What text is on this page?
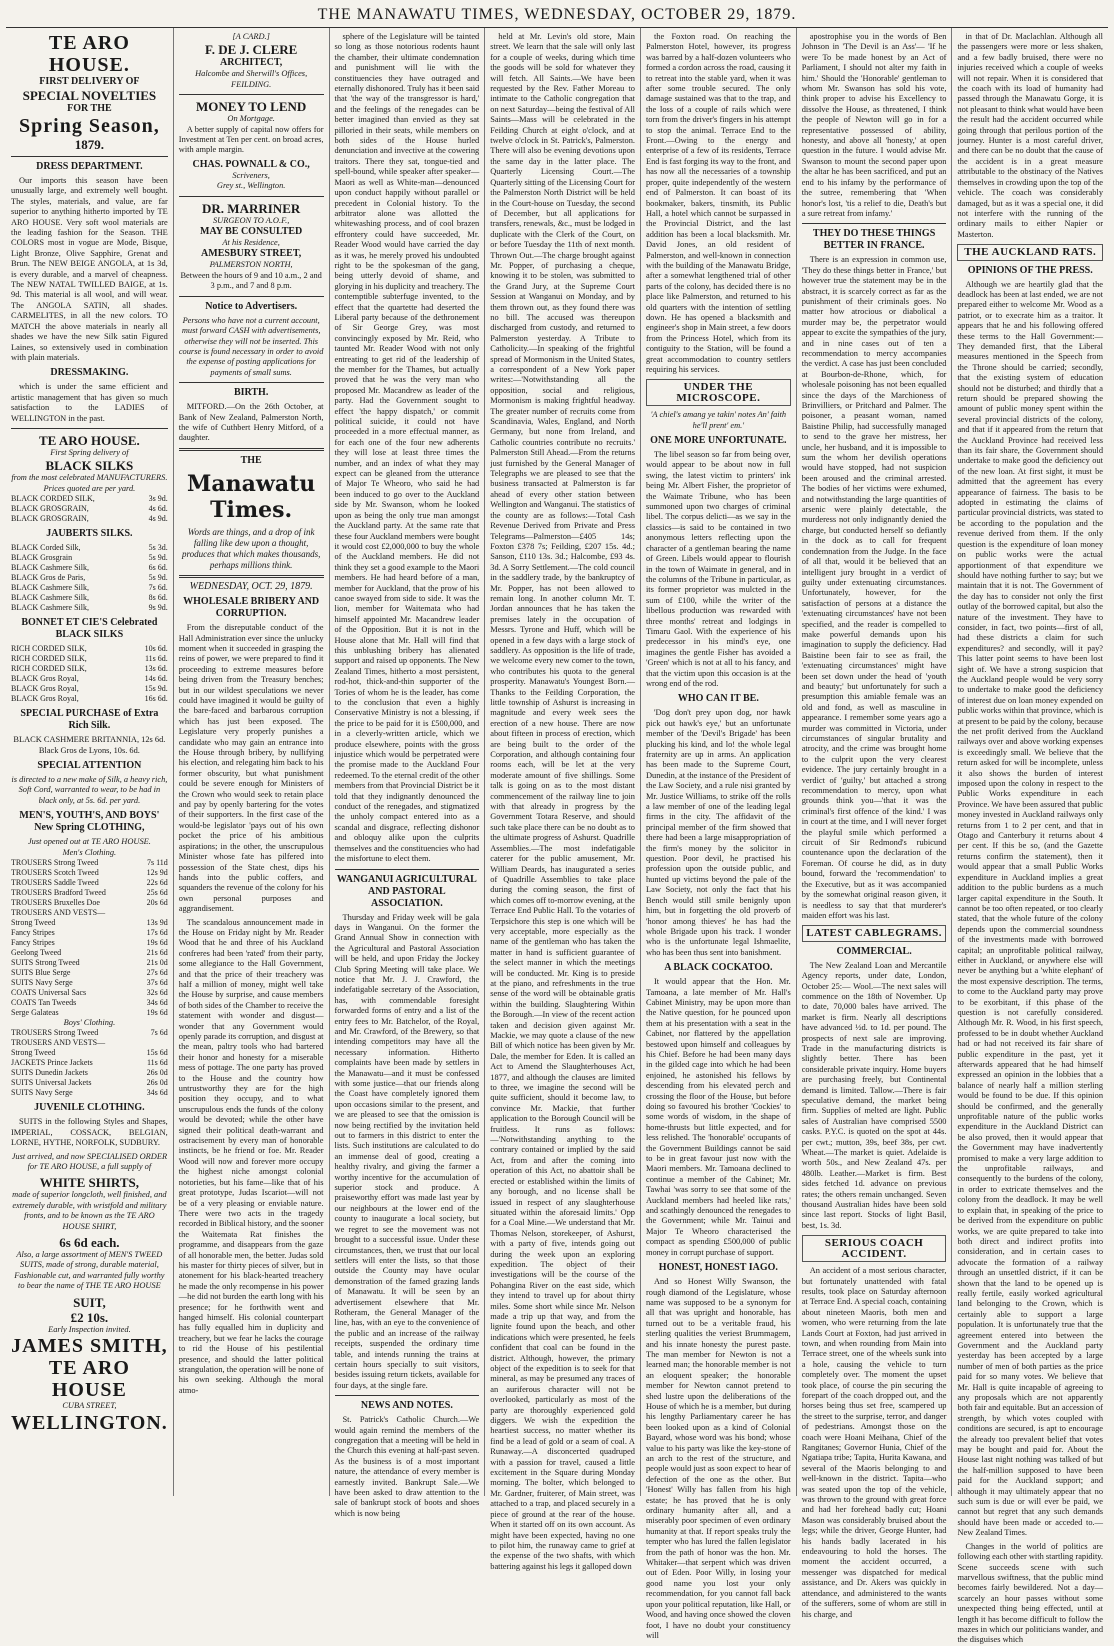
THE MANAWATU TIMES, WEDNESDAY, OCTOBER 29, 1879.
TE ARO HOUSE.
FIRST DELIVERY OF
SPECIAL NOVELTIES
FOR THE
Spring Season,
1879.
DRESS DEPARTMENT.

Our imports this season have been unusually large, and extremely well bought. The styles, materials, and value, are far superior to anything hitherto imported by TE ARO HOUSE. Very soft wool materials are the leading fashion for the Season. THE COLORS most in vogue are Mode, Bisque, Light Bronze, Olive Sapphire, Grenat and Brun. The NEW BEIGE ANGOLA, at 1s 3d, is every durable, and a marvel of cheapness. The NEW NATAL TWILLED BAIGE, at 1s. 9d. This material is all wool, and will wear. The ANGOLA SATIN, all shades. CARMELITES, in all the new colors. TO MATCH the above materials in nearly all shades we have the new Silk satin Figured Laines, so extensively used in combination with plain materials.

DRESSMAKING.

which is under the same efficient and artistic management that has given so much satisfaction to the LADIES of WELLINGTON in the past.

TE ARO HOUSE.
First Spring delivery of
BLACK SILKS
from the most celebrated MANUFACTURERS. Prices quoted are per yard.
BLACK CORDED SILK,	3s 9d.
BLACK GROSGRAIN,	4s 6d.
BLACK GROSGRAIN,	4s 9d.
JAUBERTS SILKS.
BLACK Corded Silk,	5s 3d.
BLACK Grosgrain	5s 9d.
BLACK Cashmere Silk,	6s 6d.
BLACK Gros de Paris,	5s 9d.
BLACK Cashmere Silk,	7s 6d.
BLACK Cashmere Silk,	8s 6d.
BLACK Cashmere Silk,	9s 9d.
BONNET ET CIE'S Celebrated BLACK SILKS
RICH CORDED SILK,	10s 6d.
RICH CORDED SILK,	11s 6d.
RICH CORDED SILK,	13s 6d.
BLACK Gros Royal,	14s 6d.
BLACK Gros Royal,	15s 9d.
BLACK Gros Royal,	16s 6d.
SPECIAL PURCHASE of Extra Rich Silk.

BLACK CASHMERE BRITANNIA, 12s 6d. Black Gros de Lyons, 10s. 6d.

SPECIAL ATTENTION

is directed to a new make of Silk, a heavy rich, Soft Cord, warranted to wear, to be had in black only, at 5s. 6d. per yard.

MEN'S, YOUTH'S, AND BOYS' New Spring CLOTHING,
Just opened out at TE ARO HOUSE.
Men's Clothing.
TROUSERS Strong Tweed	7s 11d
TROUSERS Scotch Tweed	12s 9d
TROUSERS Saddle Tweed	22s 6d
TROUSERS Bradford Tweed	25s 6d
TROUSERS Bruxelles Doe	20s 6d
TROUSERS AND VESTS—
Strong Tweed	13s 9d
Fancy Stripes	17s 6d
Fancy Stripes	19s 6d
Geelong Tweed	21s 6d
SUITS Strong Tweed	21s 0d
SUITS Blue Serge	27s 6d
SUITS Navy Serge	37s 6d
COATS Universal Sacs	32s 6d
COATS Tan Tweeds	34s 6d
Serge Galateas	19s 6d
Boys' Clothing.
TROUSERS Strong Tweed	7s 6d
TROUSERS AND VESTS—
Strong Tweed	15s 6d
JACKETS Prince Jackets	11s 6d
SUITS Dunedin Jackets	26s 0d
SUITS Universal Jackets	26s 0d
SUITS Navy Serge	34s 6d
JUVENILE CLOTHING.

SUITS in the following Styles and Shapes, IMPERIAL, COSSACK, BELGIAN, LORNE, HYTHE, NORFOLK, SUDBURY.

Just arrived, and now SPECIALISED ORDER for TE ARO HOUSE, a full supply of

WHITE SHIRTS,

made of superior longcloth, well finished, and extremely durable, with wristfold and military fronts, and to be known as the TE ARO HOUSE SHIRT,

6s 6d each.

Also, a large assortment of MEN'S TWEED SUITS, made of strong, durable material, Fashionable cut, and warranted fully worthy to bear the name of THE TE ARO HOUSE

SUIT,
£2 10s.
Early Inspection invited.
JAMES SMITH,
TE ARO HOUSE
CUBA STREET,
WELLINGTON.
[A CARD.]
F. DE J. CLERE
ARCHITECT,
Halcombe and Sherwill's Offices, FEILDING.
MONEY TO LEND
On Mortgage.

A better supply of capital now offers for Investment at Ten per cent. on broad acres, with ample margin.

CHAS. POWNALL & CO.,
Scriveners,
Grey st., Wellington.
DR. MARRINER
SURGEON TO A.O.F.,
MAY BE CONSULTED
At his Residence,
AMESBURY STREET,
PALMERSTON NORTH,

Between the hours of 9 and 10 a.m., 2 and 3 p.m., and 7 and 8 p.m.

Notice to Advertisers.

Persons who have not a current account, must forward CASH with advertisements, otherwise they will not be inserted. This course is found necessary in order to avoid the expense of posting applications for payments of small sums.

BIRTH.

MITFORD.—On the 26th October, at Bank of New Zealand, Palmerston North, the wife of Cuthbert Henry Mitford, of a daughter.

THE
Manawatu Times.
Words are things, and a drop of ink falling like dew upon a thought, produces that which makes thousands, perhaps millions think.
WEDNESDAY, OCT. 29, 1879.
WHOLESALE BRIBERY AND CORRUPTION.

From the disreputable conduct of the Hall Administration ever since the unlucky moment when it succeeded in grasping the reins of power, we were prepared to find it proceeding to extreme measures before being driven from the Treasury benches; but in our wildest speculations we never could have imagined it would be guilty of the bare-faced and barbarous corruption which has just been exposed. The Legislature very properly punishes a candidate who may gain an entrance into the House through bribery, by nullifying his election, and relegating him back to his former obscurity, but what punishment could be severe enough for Ministers of the Crown who would seek to retain place and pay by openly bartering for the votes of their supporters. In the first case of the would-be legislator 'pays out of his own pocket the price of his ambitious aspirations; in the other, the unscrupulous Minister whose fate has pilfered into possession of the State chest, dips his hands into the public coffers, and squanders the revenue of the colony for his own personal purposes and aggrandisement.

The scandalous announcement made in the House on Friday night by Mr. Reader Wood that he and three of his Auckland confreres had been 'rated' from their party, some allegiance to the Hall Government, and that the price of their treachery was half a million of money, might well take the House by surprise, and cause members of both sides of the Chamber to receive the statement with wonder and disgust—wonder that any Government would openly parade its corruption, and disgust at the mean, paltry tools who had bartered their honor and honesty for a miserable mess of pottage. The one party has proved to the House and the country how untrustworthy they are for the high position they occupy, and to what unscrupulous ends the funds of the colony would be devoted; while the other have signed their political death-warrant and ostracisement by every man of honorable instincts, be he friend or foe. Mr. Reader Wood will now and forever more occupy the highest niche amongst colonial notorieties, but his fame—like that of his great prototype, Judas Iscariot—will not be of a very pleasing or enviable nature. There were two acts in the tragedy recorded in Biblical history, and the sooner the Waitemata Rat finishes the programme, and disappears from the gaze of all honorable men, the better. Judas sold his master for thirty pieces of silver, but in atonement for his black-hearted treachery he made the only recompense in his power—he did not burden the earth long with his presence; for he forthwith went and hanged himself. His colonial counterpart has fully equalled him in duplicity and treachery, but we fear he lacks the courage to rid the House of his pestilential presence, and should the latter political strangulation, the operation will be none of his own seeking. Although the moral atmo-

sphere of the Legislature will be tainted so long as those notorious rodents haunt the chamber, their ultimate condemnation and punishment will lie with the constituencies they have outraged and eternally dishonored. Truly has it been said that 'the way of the transgressor is hard,' and the feelings of the renegades can be better imagined than envied as they sat pilloried in their seats, while members on both sides of the House hurled denunciation and invective at the cowering traitors. There they sat, tongue-tied and spell-bound, while speaker after speaker—Maori as well as White-man—denounced upon conduct happily without parallel or precedent in Colonial history. To the arbitrator alone was allotted the whitewashing process, and of cool brazen effrontery could have succeeded, Mr. Reader Wood would have carried the day as it was, he merely proved his undoubted right to be the spokesman of the gang, being utterly devoid of shame, and glorying in his duplicity and treachery. The contemptible subterfuge invented, to the effect that the quartette had deserted the Liberal party because of the dethronement of Sir George Grey, was most convincingly exposed by Mr. Reid, who taunted Mr. Reader Wood with not only entreating to get rid of the leadership of the member for the Thames, but actually proved that he was the very man who proposed Mr. Macandrew as leader of the party. Had the Government sought to effect 'the happy dispatch,' or commit political suicide, it could not have proceeded in a more effectual manner, as for each one of the four new adherents they will lose at least three times the number, and an index of what they may expect can be gleaned from the utterance of Major Te Wheoro, who said he had been induced to go over to the Auckland side by Mr. Swanson, whom he looked upon as being the only true man amongst the Auckland party. At the same rate that these four Auckland members were bought it would cost £2,000,000 to buy the whole of the Auckland members. He did not think they set a good example to the Maori members. He had heard before of a man, member for Auckland, that the prow of his canoe swayed from side to side. It was the lion, member for Waitemata who had himself appointed Mr. Macandrew leader of the Opposition. But it is not in the House alone that Mr. Hall will find that this unblushing bribery has alienated support and raised up opponents. The New Zealand Times, hitherto a most persistent, rod-hot, thick-and-thin supporter of the Tories of whom he is the leader, has come to the conclusion that even a highly Conservative Ministry is not a blessing, if the price to be paid for it is £500,000, and in a cleverly-written article, which we produce elsewhere, points with the gross injustice which would be perpetrated were the promise made to the Auckland Four redeemed. To the eternal credit of the other members from that Provincial District be it told that they indignantly denounced the conduct of the renegades, and stigmatized the unholy compact entered into as a scandal and disgrace, reflecting dishonor and obloquy alike upon the culprits themselves and the constituencies who had the misfortune to elect them.

WANGANUI AGRICULTURAL AND PASTORAL ASSOCIATION.

Thursday and Friday week will be gala days in Wanganui. On the former the Grand Annual Show in connection with the Agricultural and Pastoral Association will be held, and upon Friday the Jockey Club Spring Meeting will take place. We notice that Mr. J. J. Crawford, the indefatigable secretary of the Association, has, with commendable foresight forwarded forms of entry and a list of the entry fees to Mr. Batchelor, of the Royal, and Mr. Crawford, of the Brewery, so that intending competitors may have all the necessary information. Hitherto complaints have been made by settlers in the Manawatu—and it must be confessed with some justice—that our friends along the Coast have completely ignored them upon occasions similar to the present, and we are pleased to see that the omission is now being rectified by the invitation held out to farmers in this district to enter the lists. Such institutions are calculated to do an immense deal of good, creating a healthy rivalry, and giving the farmer a worthy incentive for the accumulation of superior stock and produce. A praiseworthy effort was made last year by our neighbours at the lower end of the county to inaugurate a local society, but we regret to see the movement was not brought to a successful issue. Under these circumstances, then, we trust that our local settlers will enter the lists, so that those outside the County may have ocular demonstration of the famed grazing lands of Manawatu. It will be seen by an advertisement elsewhere that Mr. Rotheram, the General Manager of the line, has, with an eye to the convenience of the public and an increase of the railway receipts, suspended the ordinary time table, and intends running the trains at certain hours specially to suit visitors, besides issuing return tickets, available for four days, at the single fare.

NEWS AND NOTES.

St. Patrick's Catholic Church.—We would again remind the members of the congregation that a meeting will be held in the Church this evening at half-past seven. As the business is of a most important nature, the attendance of every member is earnestly invited. Bankrupt Sale.—We have been asked to draw attention to the sale of bankrupt stock of boots and shoes which is now being

held at Mr. Levin's old store, Main street. We learn that the sale will only last for a couple of weeks, during which time the goods will be sold for whatever they will fetch. All Saints.—We have been requested by the Rev. Father Moreau to intimate to the Catholic congregation that on next Saturday—being the festival of All Saints—Mass will be celebrated in the Feilding Church at eight o'clock, and at twelve o'clock in St. Patrick's, Palmerston. There will also be evening devotions upon the same day in the latter place. The Quarterly Licensing Court.—The Quarterly sitting of the Licensing Court for the Palmerston North District will be held in the Court-house on Tuesday, the second of December, but all applications for transfers, renewals, &c., must be lodged in duplicate with the Clerk of the Court, on or before Tuesday the 11th of next month. Thrown Out.—The charge brought against Mr. Popper, of purchasing a cheque, knowing it to be stolen, was submitted to the Grand Jury, at the Supreme Court Session at Wanganui on Monday, and by them thrown out, as they found there was no bill. The accused was thereupon discharged from custody, and returned to Palmerston yesterday. A Tribute to Catholicity.—In speaking of the frightful spread of Mormonism in the United States, a correspondent of a New York paper writes:—'Notwithstanding all the opposition, social and religious, Mormonism is making frightful headway. The greater number of recruits come from Scandinavia, Wales, England, and North Germany, but none from Ireland, and Catholic countries contribute no recruits.' Palmerston Still Ahead.—From the returns just furnished by the General Manager of Telegraphs we are pleased to see that the business transacted at Palmerston is far ahead of every other station between Wellington and Wanganui. The statistics of the county are as follows:—Total Cash Revenue Derived from Private and Press Telegrams—Palmerston—£405 14s; Foxton £378 7s; Feilding, £207 15s. 4d.; Sanson, £110 13s. 3d.; Halcombe, £93 4s. 3d. A Sorry Settlement.—The cold council in the saddlery trade, by the bankruptcy of Mr. Popper, has not been allowed to remain long. In another column Mr. T. Jordan announces that he has taken the premises lately in the occupation of Messrs. Tyrone and Huff, which will be opened in a few days with a large stock of saddlery. As opposition is the life of trade, we welcome every new comer to the town, who contributes his quota to the general prosperity. Manawatu's Youngest Born.—Thanks to the Feilding Corporation, the little township of Ashurst is increasing in magnitude and every week sees the erection of a new house. There are now about fifteen in process of erection, which are being built to the order of the Corporation, and although containing four rooms each, will be let at the very moderate amount of five shillings. Some talk is going on as to the most distant commencement of the railway line to join with that already in progress by the Government Totara Reserve, and should such take place there can be no doubt as to the ultimate progress of Ashurst. Quadrille Assemblies.—The most indefatigable caterer for the public amusement, Mr. William Deards, has inaugurated a series of Quadrille Assemblies to take place during the coming season, the first of which comes off to-morrow evening, at the Terrace End Public Hall. To the votaries of Terpsichore this step is one which will be very acceptable, more especially as the name of the gentleman who has taken the matter in hand is sufficient guarantee of the select manner in which the meetings will be conducted. Mr. King is to preside at the piano, and refreshments in the true sense of the word will be obtainable gratis within the building. Slaughtering Within the Borough.—In view of the recent action taken and decision given against Mr. Mackie, we may quote a clause of the new Bill of which notice has been given by Mr. Dale, the member for Eden. It is called an Act to Amend the Slaughterhouses Act, 1877, and although the clauses are limited to three, we imagine the second will be quite sufficient, should it become law, to convince Mr. Mackie, that further application to the Borough Council will be fruitless. It runs as follows:—'Notwithstanding anything to the contrary contained or implied by the said Act, from and after the coming into operation of this Act, no abattoir shall be erected or established within the limits of any borough, and no license shall be issued in respect of any slaughterhouse situated within the aforesaid limits.' Opp for a Coal Mine.—We understand that Mr. Thomas Nelson, storekeeper, of Ashurst, with a party of five, intends going out during the week upon an exploring expedition. The object of their investigations will be the course of the Pohangina River on the east side, which they intend to travel up for about thirty miles. Some short while since Mr. Nelson made a trip up that way, and from the lignite found upon the beach, and other indications which were presented, he feels confident that coal can be found in the district. Although, however, the primary object of the expedition is to seek for that mineral, as may be presumed any traces of an auriferous character will not be overlooked, particularly as most of the party are thoroughly experienced gold diggers. We wish the expedition the heartiest success, no matter whether its find be a lead of gold or a seam of coal. A Runaway.—A disconcerted quadruped with a passion for travel, caused a little excitement in the Square during Monday morning. The bolter, which belonged to Mr. Gardner, fruiterer, of Main street, was attached to a trap, and placed securely in a piece of ground at the rear of the house. When it started off on its own account. As might have been expected, having no one to pilot him, the runaway came to grief at the expense of the two shafts, with which battering against his legs it galloped down

the Foxton road. On reaching the Palmerston Hotel, however, its progress was barred by a half-dozen volunteers who formed a cordon across the road, causing it to retreat into the stable yard, when it was after some trouble secured. The only damage sustained was that to the trap, and the loss of a couple of rails which were torn from the driver's fingers in his attempt to stop the animal. Terrace End to the Front.—Owing to the energy and enterprise of a few of its residents, Terrace End is fast forging its way to the front, and has now all the necessaries of a township proper, quite independently of the western end of Palmerston. It can boast of its bookmaker, bakers, tinsmith, its Public Hall, a hotel which cannot be surpassed in the Provincial District, and the last addition has been a local blacksmith. Mr. David Jones, an old resident of Palmerston, and well-known in connection with the building of the Manawatu Bridge, after a somewhat lengthened trial of other parts of the colony, has decided there is no place like Palmerston, and returned to his old quarters with the intention of settling down. He has opened a blacksmith and engineer's shop in Main street, a few doors from the Princess Hotel, which from its contiguity to the Station, will be found a great accommodation to country settlers requiring his services.

UNDER THE MICROSCOPE.

'A chiel's amang ye takin' notes An' faith he'll prent' em.'

ONE MORE UNFORTUNATE.

The libel season so far from being over, would appear to be about now in full swing, the latest victim to printers' ink being Mr. Albert Fisher, the proprietor of the Waimate Tribune, who has been summoned upon two charges of criminal libel. The corpus delicti—as we say in the classics—is said to be contained in two anonymous letters reflecting upon the character of a gentleman bearing the name of Green. Libels would appear to flourish in the town of Waimate in general, and in the columns of the Tribune in particular, as its former proprietor was mulcted in the sum of £100, while the writer of the libellous production was rewarded with three months' retreat and lodgings in Timaru Gaol. With the experience of his predecessor in his mind's eye, one imagines the gentle Fisher has avoided a 'Green' which is not at all to his fancy, and that the victim upon this occasion is at the wrong end of the rod.

WHO CAN IT BE.

'Dog don't prey upon dog, nor hawk pick out hawk's eye,' but an unfortunate member of the 'Devil's Brigade' has been plucking his kind, and lo! the whole legal fraternity are up in arms. An application has been made to the Supreme Court, Dunedin, at the instance of the President of the Law Society, and a rule nisi granted by Mr. Justice Williams, to strike off the rolls a law member of one of the leading legal firms in the city. The affidavit of the principal member of the firm showed that there had been a large misappropriation of the firm's money by the solicitor in question. Poor devil, he practised his profession upon the outside public, and hunted up victims beyond the pale of the Law Society, not only the fact that his Bench would still smile benignly upon him, but in forgetting the old proverb of 'honor among thieves' he has had the whole Brigade upon his track. I wonder who is the unfortunate legal Ishmaelite, who has been thus sent into banishment.

A BLACK COCKATOO.

It would appear that the Hon. Mr. Tamoana, a late member of Mr. Hall's Cabinet Ministry, may be upon more than the Native question, for he pounced upon them at his presentation with a seat in the Cabinet, nor flattered by the appellation bestowed upon himself and colleagues by his Chief. Before he had been many days in the gilded cage into which he had been enjoined, he astonished his fellows by descending from his elevated perch and crossing the floor of the House, but before doing so favoured his brother 'Cockies' to some words of wisdom, in the shape of home-thrusts but little expected, and for less relished. The 'honorable' occupants of the Government Buildings cannot be said to be in great favour just now with the Maori members. Mr. Tamoana declined to continue a member of the Cabinet; Mr. Tawhai 'was sorry to see that some of the Auckland members had heeled like rats,' and scathingly denounced the renegades to the Government; while Mr. Tainui and Major Te Wheoro characterised the compact as spending £500,000 of public money in corrupt purchase of support.

HONEST, HONEST IAGO.

And so Honest Willy Swanson, the rough diamond of the Legislature, whose name was supposed to be a synonym for all that was upright and honorable, has turned out to be a veritable fraud, his sterling qualities the veriest Brummagem, and his innate honesty the purest paste. The man member for Newton is not a learned man; the honorable member is not an eloquent speaker; the honorable member for Newton cannot pretend to shed lustre upon the deliberations of the House of which he is a member, but during his lengthy Parliamentary career he has been looked upon as a kind of Colonial Bayard, whose word was his bond; whose value to his party was like the key-stone of an arch to the rest of the structure, and people would just as soon expect to hear of defection of the one as the other. But 'Honest' Willy has fallen from his high estate; he has proved that he is only ordinary humanity after all, and a miserably poor specimen of even ordinary humanity at that. If report speaks truly the tempter who has lured the fallen legislator from the path of honor was the hon. Mr. Whitaker—that serpent which was driven out of Eden. Poor Willy, in losing your good name you lost your only recommendation, for you cannot fall back upon your political reputation, like Hall, or Wood, and having once showed the cloven foot, I have no doubt your constituency will

apostrophise you in the words of Ben Johnson in 'The Devil is an Ass'— 'If he were To be made honest by an Act of Parliament, I should not alter my faith in him.' Should the 'Honorable' gentleman to whom Mr. Swanson has sold his vote, think proper to advise his Excellency to dissolve the House, as threatened, I think the people of Newton will go in for a representative possessed of ability, honesty, and above all 'honesty,' at open question in the future. I would advise Mr. Swanson to mount the second paper upon the altar he has been sacrificed, and put an end to his infamy by the performance of the sutree, remembering that 'When honor's lost, 'tis a relief to die, Death's but a sure retreat from infamy.'

THEY DO THESE THINGS BETTER IN FRANCE.

There is an expression in common use, 'They do these things better in France,' but however true the statement may be in the abstract, it is scarcely correct as far as the punishment of their criminals goes. No matter how atrocious or diabolical a murder may be, the perpetrator would appear to excite the sympathies of the jury, and in nine cases out of ten a recommendation to mercy accompanies the verdict. A case has just been concluded at Bourbon-de-Rhone, which, for wholesale poisoning has not been equalled since the days of the Marchioness of Brinvilliers, or Pritchard and Palmer. The poisoner, a peasant woman, named Baistine Philip, had successfully managed to send to the grave her mistress, her uncle, her husband, and it is impossible to sum the whom her devilish operations would have stopped, had not suspicion been aroused and the criminal arrested. The bodies of her victims were exhumed, and notwithstanding the large quantities of arsenic were plainly detectable, the murderess not only indignantly denied the charge, but conducted herself so defiantly in the dock as to call for frequent condemnation from the Judge. In the face of all that, would it be believed that an intelligent jury brought in a verdict of guilty under extenuating circumstances. Unfortunately, however, for the satisfaction of persons at a distance the 'extenuating circumstances' have not been specified, and the reader is compelled to make powerful demands upon his imagination to supply the deficiency. Had Baistine been fair to see as frail, the 'extenuating circumstances' might have been set down under the head of 'youth and beauty;' but unfortunately for such a presumption this amiable female was an old and fond, as well as masculine in appearance. I remember some years ago a murder was committed in Victoria, under circumstances of singular brutality and atrocity, and the crime was brought home to the culprit upon the very clearest evidence. The jury certainly brought in a verdict of 'guilty,' but attached a strong recommendation to mercy, upon what grounds think you—'that it was the criminal's first offence of the kind.' I was in court at the time, and I will never forget the playful smile which performed a circuit of Sir Redmond's rubicund countenance upon the declaration of the Foreman. Of course he did, as in duty bound, forward the 'recommendation' to the Executive, but as it was accompanied by the somewhat original reason given, it is needless to say that that murderer's maiden effort was his last.

LATEST CABLEGRAMS.
COMMERCIAL.

The New Zealand Loan and Mercantile Agency reports, under date, London, October 25:— Wool.—The next sales will commence on the 18th of November. Up to date, 70,000 bales have arrived. The market is firm. Nearly all descriptions have advanced ½d. to 1d. per pound. The prospects of next sale are improving. Trade in the manufacturing districts is slightly better. There has been considerable private inquiry. Home buyers are purchasing freely, but Continental demand is limited. Tallow.—There is fair speculative demand, the market being firm. Supplies of melted are light. Public sales of Australian have comprised 5500 casks. P.Y.C. is quoted on the spot at 44s. per cwt.; mutton, 39s, beef 38s, per cwt. Wheat.—The market is quiet. Adelaide is worth 50s., and New Zealand 47s. per 480lb. Leather.—Market is firm. Best sides fetched 1d. advance on previous rates; the others remain unchanged. Seven thousand Australian hides have been sold since last report. Stocks of light Basil, best, 1s. 3d.

SERIOUS COACH ACCIDENT.

An accident of a most serious character, but fortunately unattended with fatal results, took place on Saturday afternoon at Terrace End. A special coach, containing about nineteen Maoris, both men and women, who were returning from the late Lands Court at Foxton, had just arrived in town, and when rounding from Main into Terrace street, one of the wheels sunk into a hole, causing the vehicle to turn completely over. The moment the upset took place, of course the pin securing the forepart of the coach dropped out, and the horses being thus set free, scampered up the street to the surprise, terror, and danger of pedestrians. Amongst those on the coach were Hoani Meihana, Chief of the Rangitanes; Governor Hunia, Chief of the Ngatiapa tribe; Tapita, Hurita Kawana, and several of the Maoris belonging to and well-known in the district. Tapita—who was seated upon the top of the vehicle, was thrown to the ground with great force and had her forehead badly cut; Hoani Mason was considerably bruised about the legs; while the driver, George Hunter, had his hands badly lacerated in his endeavouring to hold the horses. The moment the accident occurred, a messenger was dispatched for medical assistance, and Dr. Akers was quickly in attendance, and administered to the wants of the sufferers, some of whom are still in his charge, and

in that of Dr. Maclachlan. Although all the passengers were more or less shaken, and a few badly bruised, there were no injuries received which a couple of weeks will not repair. When it is considered that the coach with its load of humanity had passed through the Manawatu Gorge, it is not pleasant to think what would have been the result had the accident occurred while going through that perilous portion of the journey. Hunter is a most careful driver, and there can be no doubt that the cause of the accident is in a great measure attributable to the obstinacy of the Natives themselves in crowding upon the top of the vehicle. The coach was considerably damaged, but as it was a special one, it did not interfere with the running of the ordinary mails to either Napier or Masterton.

THE AUCKLAND RATS.
OPINIONS OF THE PRESS.

Although we are heartily glad that the deadlock has been at last ended, we are not prepared either to welcome Mr. Wood as a patriot, or to execrate him as a traitor. It appears that he and his following offered these terms to the Hall Government:—They demanded first, that the Liberal measures mentioned in the Speech from the Throne should be carried; secondly, that the existing system of education should not be disturbed; and thirdly that a return should be prepared showing the amount of public money spent within the several provincial districts of the colony, and that if it appeared from the return that the Auckland Province had received less than its fair share, the Government should undertake to make good the deficiency out of the new loan. At first sight, it must be admitted that the agreement has every appearance of fairness. The basis to be adopted in estimating the claims of particular provincial districts, was stated to be according to the population and the revenue derived from them. If the only question is the expenditure of loan money on public works were the actual apportionment of that expenditure we should have nothing further to say; but we maintain that it is not. The Government of the day has to consider not only the first outlay of the borrowed capital, but also the nature of the investment. They have to consider, in fact, two points—first of all, had these districts a claim for such expenditures? and secondly, will it pay? This latter point seems to have been lost sight of. We have a strong suspicion that the Auckland people would be very sorry to undertake to make good the deficiency of interest due on loan money expended on public works within that province, which is at present to be paid by the colony, because the net profit derived from the Auckland railways over and above working expenses is exceedingly small. We believe that the return asked for will be incomplete, unless it also shows the burden of interest imposed upon the colony in respect to the Public Works expenditure in each Province. We have been assured that public money invested in Auckland railways only returns from 1 to 2 per cent, and that in Otago and Canterbury it returns about 4 per cent. If this be so, (and the Gazette returns confirm the statement), then it would appear that a small Public Works expenditure in Auckland implies a great addition to the public burdens as a much larger capital expenditure in the South. It cannot be too often repeated, or too clearly stated, that the whole future of the colony depends upon the commercial soundness of the investments made with borrowed capital; an unprofitable political railway, either in Auckland, or anywhere else will never be anything but a 'white elephant' of the most expensive description. The terms, to come to the Auckland party may prove to be exorbitant, if this phase of the question is not carefully considered. Although Mr. R. Wood, in his first speech, professed to be in doubt whether Auckland had or had not received its fair share of public expenditure in the past, yet it afterwards appeared that he had himself expressed an opinion in the lobbies that a balance of nearly half a million sterling would be found to be due. If this opinion should be confirmed, and the generally unprofitable nature of the public works expenditure in the Auckland District can be also proved, then it would appear that the Government may have inadvertently promised to make a very large addition to the unprofitable railways, and consequently to the burdens of the colony, in order to extricate themselves and the colony from the deadlock. It may be well to explain that, in speaking of the price to be derived from the expenditure on public works, we are quite prepared to take into both direct and indirect profits into consideration, and in certain cases to advocate the formation of a railway through an unsettled district, if it can be shown that the land to be opened up is really fertile, easily worked agricultural land belonging to the Crown, which is certainly able to support a large population. It is unfortunately true that the agreement entered into between the Government and the Auckland party yesterday has been accepted by a large number of men of both parties as the price paid for so many votes. We believe that Mr. Hall is quite incapable of agreeing to any proposals which are not apparently both fair and equitable. But an accession of strength, by which votes coupled with conditions are secured, is apt to encourage the already too prevalent belief that votes may be bought and paid for. About the House last night nothing was talked of but the half-million supposed to have been paid for the Auckland support; and although it may ultimately appear that no such sum is due or will ever be paid, we cannot but regret that any such demands should have been made or acceded to.—New Zealand Times.

Changes in the world of politics are following each other with startling rapidity. Scene succeeds scene with such marvellous swiftness, that the public mind becomes fairly bewildered. Not a day—scarcely an hour passes without some unexpected thing being effected, until at length it has become difficult to follow the mazes in which our politicians wander, and the disguises which
